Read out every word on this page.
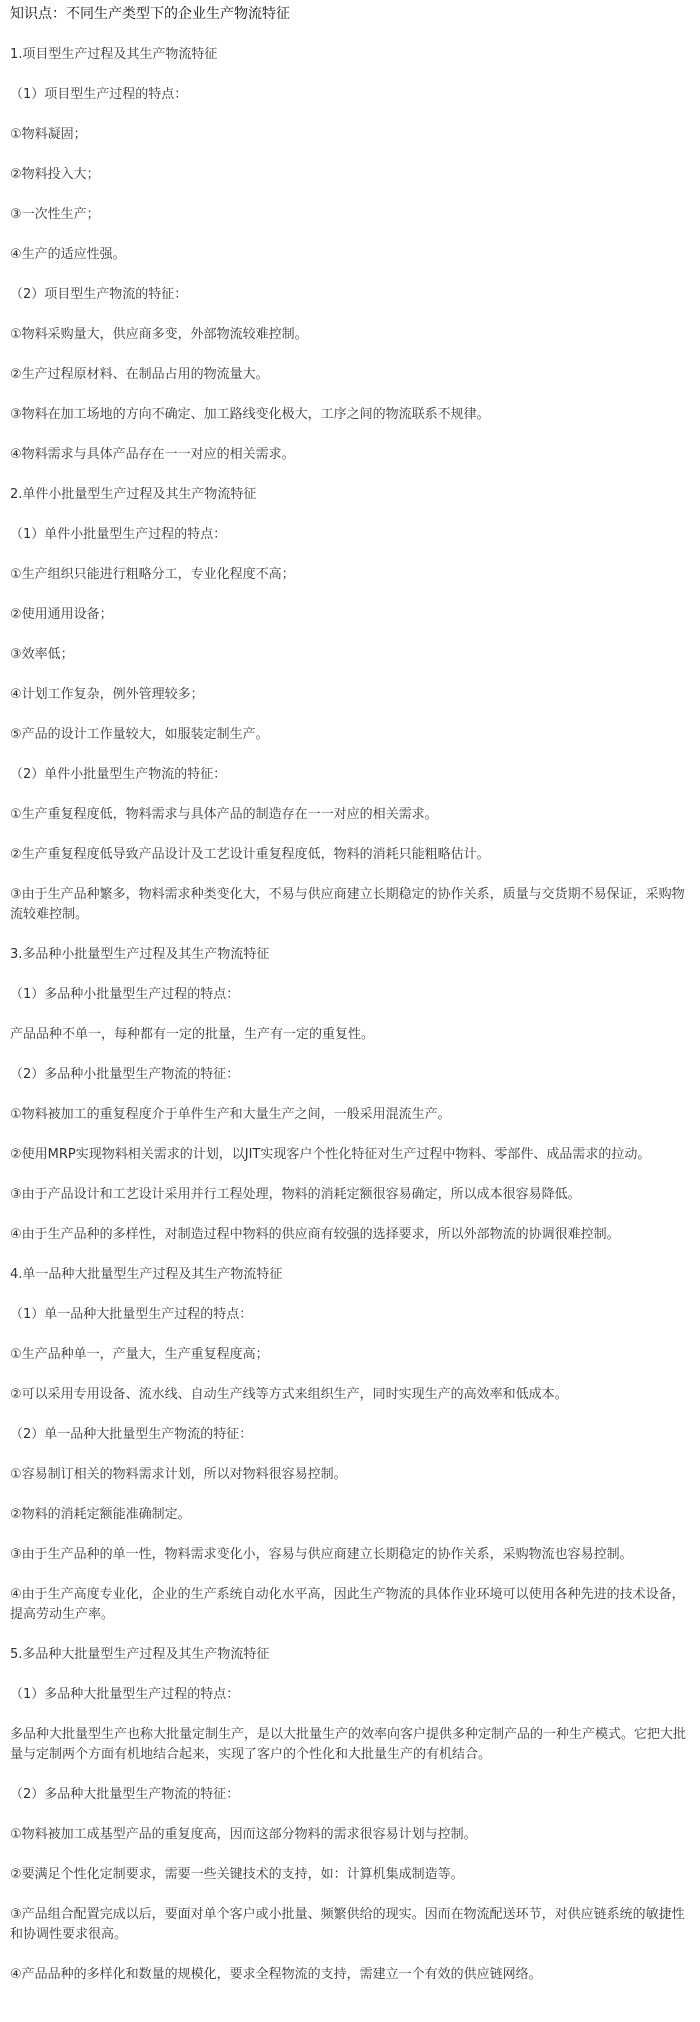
知识点：不同生产类型下的企业生产物流特征
1.项目型生产过程及其生产物流特征
（1）项目型生产过程的特点：
①物料凝固；
②物料投入大；
③一次性生产；
④生产的适应性强。
（2）项目型生产物流的特征：
①物料采购量大，供应商多变，外部物流较难控制。
②生产过程原材料、在制品占用的物流量大。
③物料在加工场地的方向不确定、加工路线变化极大，工序之间的物流联系不规律。
④物料需求与具体产品存在一一对应的相关需求。
2.单件小批量型生产过程及其生产物流特征
（1）单件小批量型生产过程的特点：
①生产组织只能进行粗略分工，专业化程度不高；
②使用通用设备；
③效率低；
④计划工作复杂，例外管理较多；
⑤产品的设计工作量较大，如服装定制生产。
（2）单件小批量型生产物流的特征：
①生产重复程度低，物料需求与具体产品的制造存在一一对应的相关需求。
②生产重复程度低导致产品设计及工艺设计重复程度低，物料的消耗只能粗略估计。
③由于生产品种繁多，物料需求种类变化大，不易与供应商建立长期稳定的协作关系，质量与交货期不易保证，采购物流较难控制。
3.多品种小批量型生产过程及其生产物流特征
（1）多品种小批量型生产过程的特点：
产品品种不单一，每种都有一定的批量，生产有一定的重复性。
（2）多品种小批量型生产物流的特征：
①物料被加工的重复程度介于单件生产和大量生产之间，一般采用混流生产。
②使用MRP实现物料相关需求的计划，以JIT实现客户个性化特征对生产过程中物料、零部件、成品需求的拉动。
③由于产品设计和工艺设计采用并行工程处理，物料的消耗定额很容易确定，所以成本很容易降低。
④由于生产品种的多样性，对制造过程中物料的供应商有较强的选择要求，所以外部物流的协调很难控制。
4.单一品种大批量型生产过程及其生产物流特征
（1）单一品种大批量型生产过程的特点：
①生产品种单一，产量大，生产重复程度高；
②可以采用专用设备、流水线、自动生产线等方式来组织生产，同时实现生产的高效率和低成本。
（2）单一品种大批量型生产物流的特征：
①容易制订相关的物料需求计划，所以对物料很容易控制。
②物料的消耗定额能准确制定。
③由于生产品种的单一性，物料需求变化小，容易与供应商建立长期稳定的协作关系，采购物流也容易控制。
④由于生产高度专业化，企业的生产系统自动化水平高，因此生产物流的具体作业环境可以使用各种先进的技术设备，提高劳动生产率。
5.多品种大批量型生产过程及其生产物流特征
（1）多品种大批量型生产过程的特点：
多品种大批量型生产也称大批量定制生产，是以大批量生产的效率向客户提供多种定制产品的一种生产模式。它把大批量与定制两个方面有机地结合起来，实现了客户的个性化和大批量生产的有机结合。
（2）多品种大批量型生产物流的特征：
①物料被加工成基型产品的重复度高，因而这部分物料的需求很容易计划与控制。
②要满足个性化定制要求，需要一些关键技术的支持，如：计算机集成制造等。
③产品组合配置完成以后，要面对单个客户或小批量、频繁供给的现实。因而在物流配送环节，对供应链系统的敏捷性和协调性要求很高。
④产品品种的多样化和数量的规模化，要求全程物流的支持，需建立一个有效的供应链网络。
